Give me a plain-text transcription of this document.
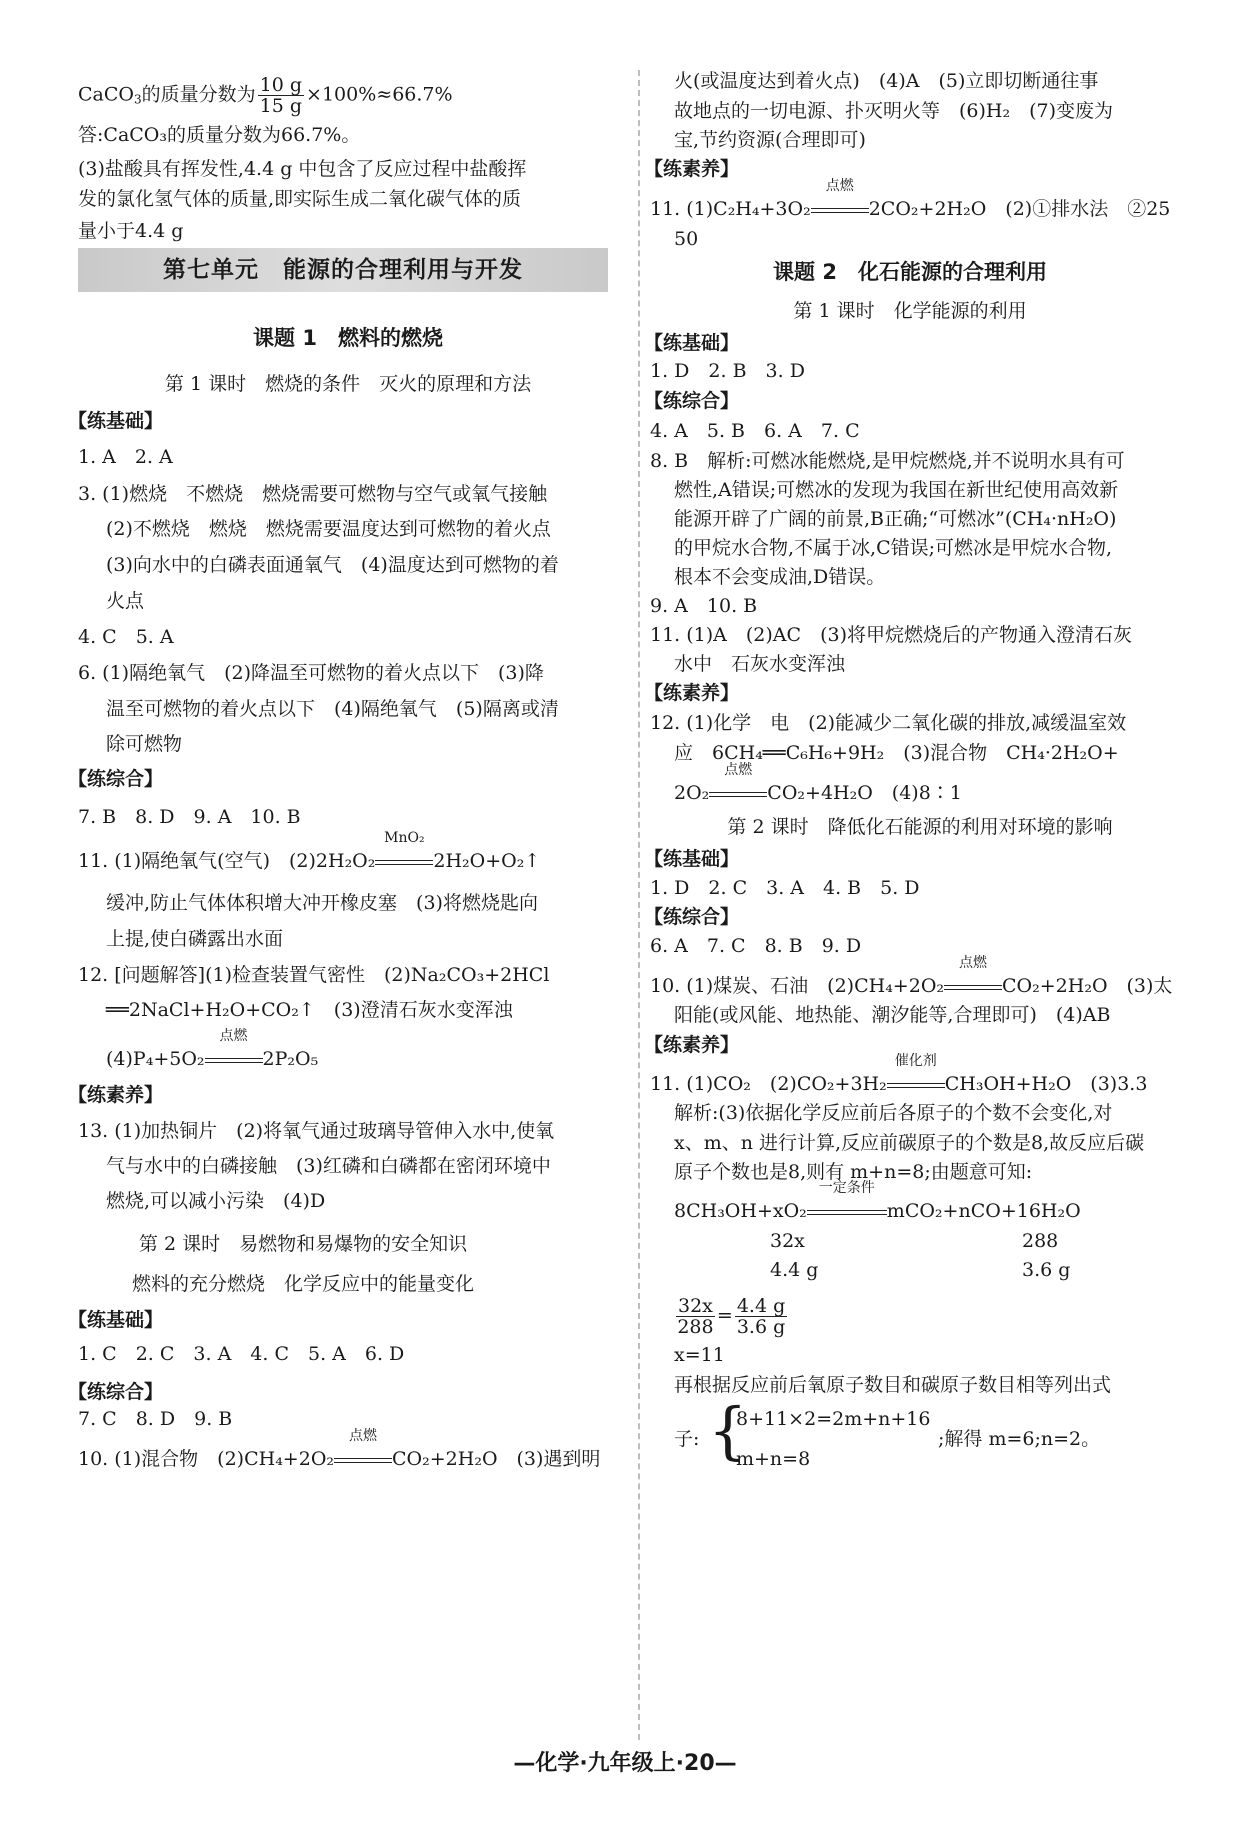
CaCO$_3$的质量分数为 $\frac{10 g}{15 g} \times 100\%\approx 66.7\%$
答:CaCO₃的质量分数为66.7%。
(3)盐酸具有挥发性,4.4 g 中包含了反应过程中盐酸挥
发的氯化氢气体的质量,即实际生成二氧化碳气体的质
量小于4.4 g
第七单元　能源的合理利用与开发
课题 1　燃料的燃烧
第 1 课时　燃烧的条件　灭火的原理和方法
【练基础】
1. A　2. A
3. (1)燃烧　不燃烧　燃烧需要可燃物与空气或氧气接触
(2)不燃烧　燃烧　燃烧需要温度达到可燃物的着火点
(3)向水中的白磷表面通氧气　(4)温度达到可燃物的着
火点
4. C　5. A
6. (1)隔绝氧气　(2)降温至可燃物的着火点以下　(3)降
温至可燃物的着火点以下　(4)隔绝氧气　(5)隔离或清
除可燃物
【练综合】
7. B　8. D　9. A　10. B
11. (1)隔绝氧气(空气)　(2)2H₂O₂
MnO₂
2H₂O+O₂↑
缓冲,防止气体体积增大冲开橡皮塞　(3)将燃烧匙向
上提,使白磷露出水面
12. [问题解答](1)检查装置气密性　(2)Na₂CO₃+2HCl
══2NaCl+H₂O+CO₂↑　(3)澄清石灰水变浑浊
(4)P₄+5O₂
点燃
2P₂O₅
【练素养】
13. (1)加热铜片　(2)将氧气通过玻璃导管伸入水中,使氧
气与水中的白磷接触　(3)红磷和白磷都在密闭环境中
燃烧,可以减小污染　(4)D
第 2 课时　易燃物和易爆物的安全知识
燃料的充分燃烧　化学反应中的能量变化
【练基础】
1. C　2. C　3. A　4. C　5. A　6. D
【练综合】
7. C　8. D　9. B
10. (1)混合物　(2)CH₄+2O₂
点燃
CO₂+2H₂O　(3)遇到明
火(或温度达到着火点)　(4)A　(5)立即切断通往事
故地点的一切电源、扑灭明火等　(6)H₂　(7)变废为
宝,节约资源(合理即可)
【练素养】
11. (1)C₂H₄+3O₂
点燃
2CO₂+2H₂O　(2)①排水法　②25
50
课题 2　化石能源的合理利用
第 1 课时　化学能源的利用
【练基础】
1. D　2. B　3. D
【练综合】
4. A　5. B　6. A　7. C
8. B　解析:可燃冰能燃烧,是甲烷燃烧,并不说明水具有可
燃性,A错误;可燃冰的发现为我国在新世纪使用高效新
能源开辟了广阔的前景,B正确;“可燃冰”(CH₄·nH₂O)
的甲烷水合物,不属于冰,C错误;可燃冰是甲烷水合物,
根本不会变成油,D错误。
9. A　10. B
11. (1)A　(2)AC　(3)将甲烷燃烧后的产物通入澄清石灰
水中　石灰水变浑浊
【练素养】
12. (1)化学　电　(2)能减少二氧化碳的排放,减缓温室效
应　6CH₄══C₆H₆+9H₂　(3)混合物　CH₄·2H₂O+
2O₂
点燃
CO₂+4H₂O　(4)8∶1
第 2 课时　降低化石能源的利用对环境的影响
【练基础】
1. D　2. C　3. A　4. B　5. D
【练综合】
6. A　7. C　8. B　9. D
10. (1)煤炭、石油　(2)CH₄+2O₂
点燃
CO₂+2H₂O　(3)太
阳能(或风能、地热能、潮汐能等,合理即可)　(4)AB
【练素养】
11. (1)CO₂　(2)CO₂+3H₂
催化剂
CH₃OH+H₂O　(3)3.3
解析:(3)依据化学反应前后各原子的个数不会变化,对
x、m、n 进行计算,反应前碳原子的个数是8,故反应后碳
原子个数也是8,则有 m+n=8;由题意可知:
8CH₃OH+xO₂
一定条件
mCO₂+nCO+16H₂O
32x	288
4.4 g	3.6 g
$\frac{32x}{288} = \frac{4.4 g}{3.6 g}$
x=11
再根据反应前后氧原子数目和碳原子数目相等列出式
子: {
8+11×2=2m+n+16
m+n=8
;解得 m=6;n=2。
—化学·九年级上·20—
